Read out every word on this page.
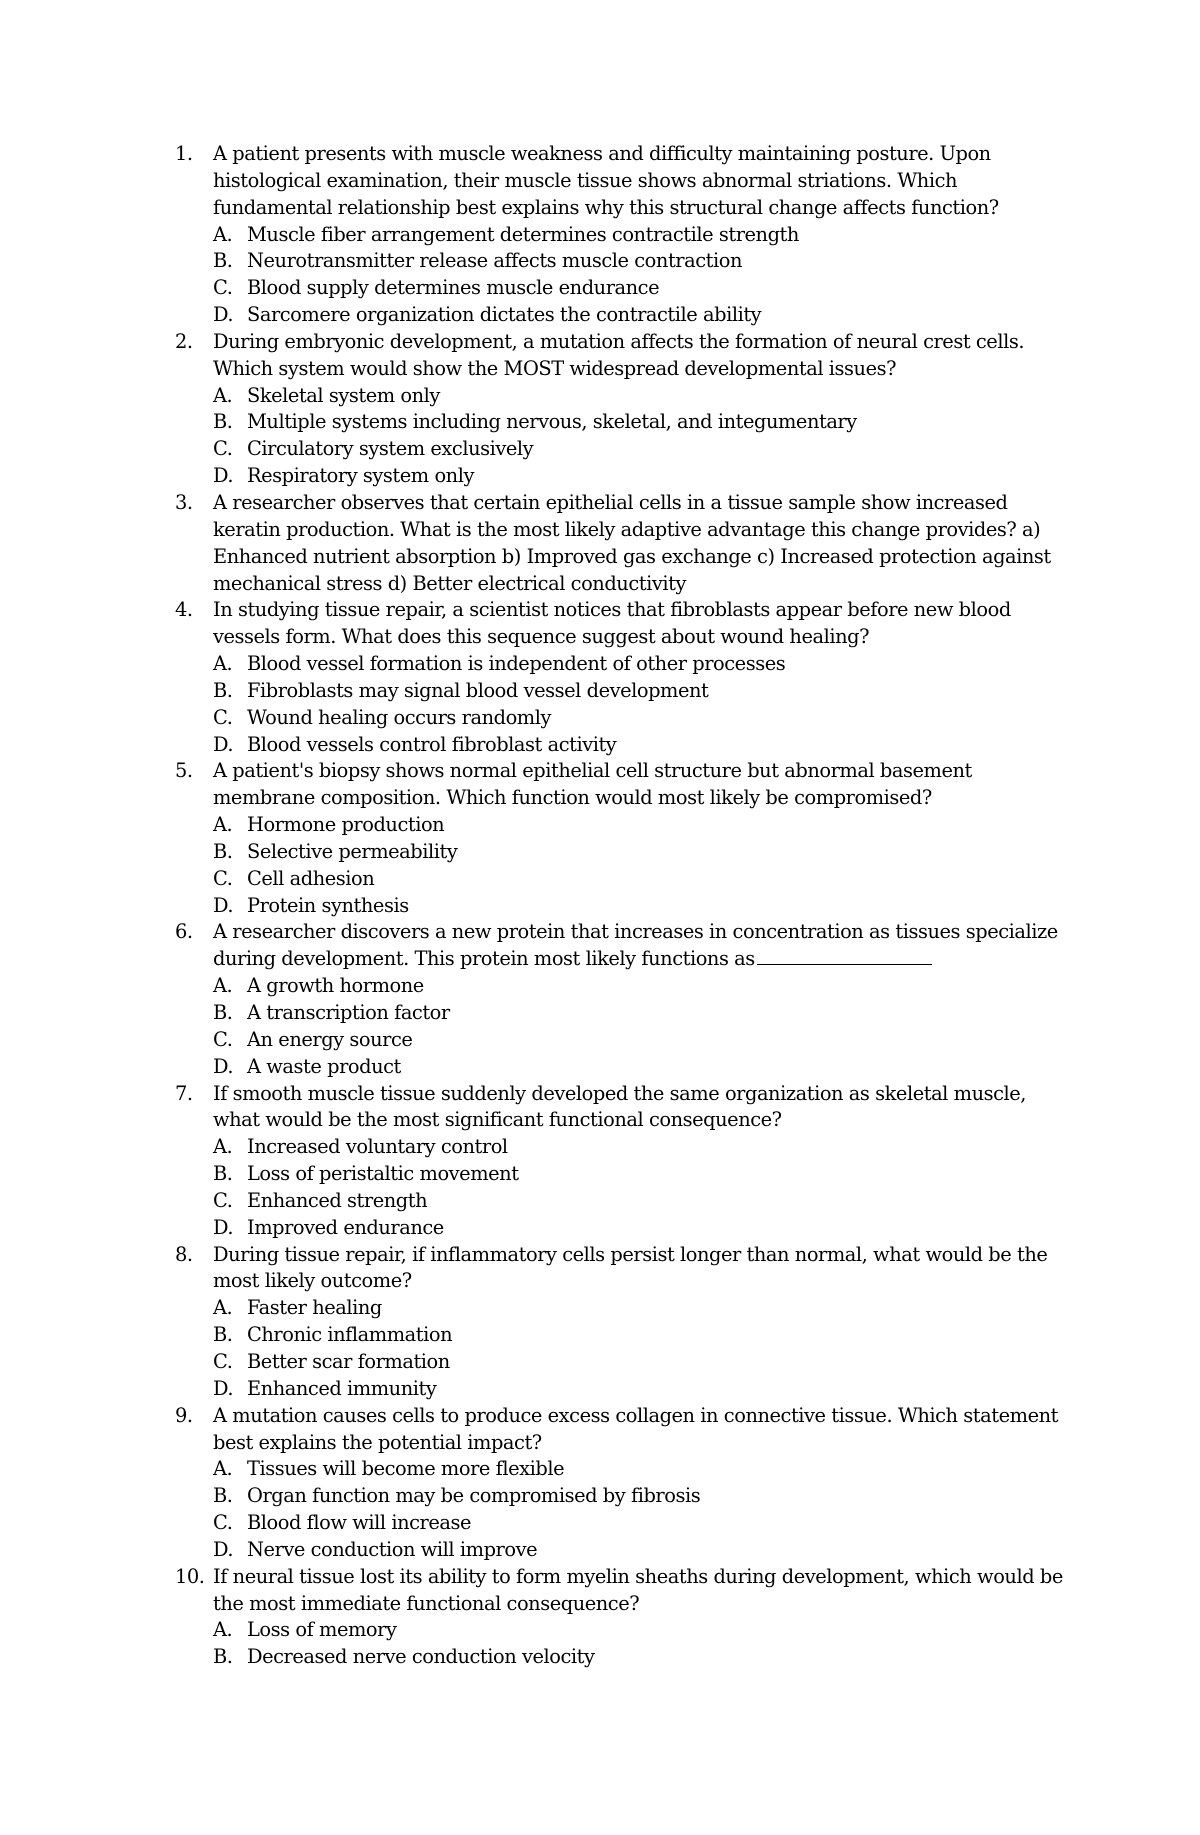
1.	A patient presents with muscle weakness and difficulty maintaining posture. Upon histological examination, their muscle tissue shows abnormal striations. Which fundamental relationship best explains why this structural change affects function?
A. Muscle fiber arrangement determines contractile strength
B. Neurotransmitter release affects muscle contraction
C. Blood supply determines muscle endurance
D. Sarcomere organization dictates the contractile ability
2.	During embryonic development, a mutation affects the formation of neural crest cells. Which system would show the MOST widespread developmental issues?
A. Skeletal system only
B. Multiple systems including nervous, skeletal, and integumentary
C. Circulatory system exclusively
D. Respiratory system only
3.	A researcher observes that certain epithelial cells in a tissue sample show increased keratin production. What is the most likely adaptive advantage this change provides? a) Enhanced nutrient absorption b) Improved gas exchange c) Increased protection against mechanical stress d) Better electrical conductivity
4.	In studying tissue repair, a scientist notices that fibroblasts appear before new blood vessels form. What does this sequence suggest about wound healing?
A. Blood vessel formation is independent of other processes
B. Fibroblasts may signal blood vessel development
C. Wound healing occurs randomly
D. Blood vessels control fibroblast activity
5.	A patient's biopsy shows normal epithelial cell structure but abnormal basement membrane composition. Which function would most likely be compromised?
A. Hormone production
B. Selective permeability
C. Cell adhesion
D. Protein synthesis
6.	A researcher discovers a new protein that increases in concentration as tissues specialize during development. This protein most likely functions as
A. A growth hormone
B. A transcription factor
C. An energy source
D. A waste product
7.	If smooth muscle tissue suddenly developed the same organization as skeletal muscle, what would be the most significant functional consequence?
A. Increased voluntary control
B. Loss of peristaltic movement
C. Enhanced strength
D. Improved endurance
8.	During tissue repair, if inflammatory cells persist longer than normal, what would be the most likely outcome?
A. Faster healing
B. Chronic inflammation
C. Better scar formation
D. Enhanced immunity
9.	A mutation causes cells to produce excess collagen in connective tissue. Which statement best explains the potential impact?
A. Tissues will become more flexible
B. Organ function may be compromised by fibrosis
C. Blood flow will increase
D. Nerve conduction will improve
10. If neural tissue lost its ability to form myelin sheaths during development, which would be the most immediate functional consequence?
A. Loss of memory
B. Decreased nerve conduction velocity
